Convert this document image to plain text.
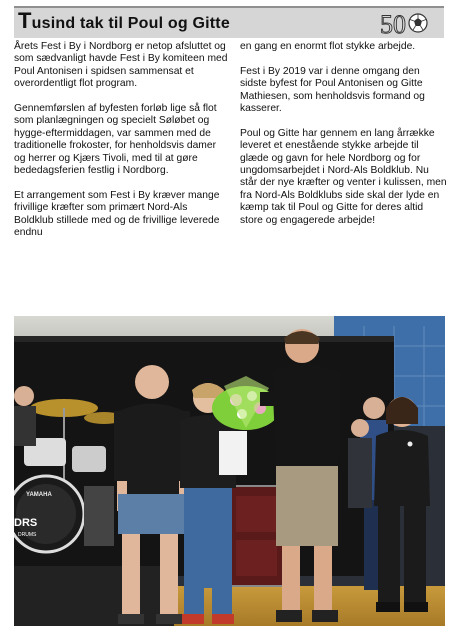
Tusind tak til Poul og Gitte	50

Årets Fest i By i Nordborg er netop afsluttet og som sædvanligt havde Fest i By komiteen med Poul Antonisen i spidsen sammensat et overordentligt flot program.

Gennemførslen af byfesten forløb lige så flot som planlægningen og specielt Søløbet og hygge-eftermiddagen, var sammen med de traditionelle frokoster, for henholdsvis damer og herrer og Kjærs Tivoli, med til at gøre bededagsferien festlig i Nordborg.

Et arrangement som Fest i By kræver mange frivillige kræfter som primært Nord-Als Boldklub stillede med og de frivillige leverede endnu

en gang en enormt flot stykke arbejde.

Fest i By 2019 var i denne omgang den sidste byfest for Poul Antonisen og Gitte Mathiesen, som henholdsvis formand og kasserer.

Poul og Gitte har gennem en lang årrække leveret et enestående stykke arbejde til glæde og gavn for hele Nordborg og for ungdomsarbejdet i Nord-Als Boldklub. Nu står der nye kræfter og venter i kulissen, men fra Nord-Als Boldklubs side skal der lyde en kæmp tak til Poul og Gitte for deres altid store og engagerede arbejde!

YAMAHA
DRS
DRUMS
